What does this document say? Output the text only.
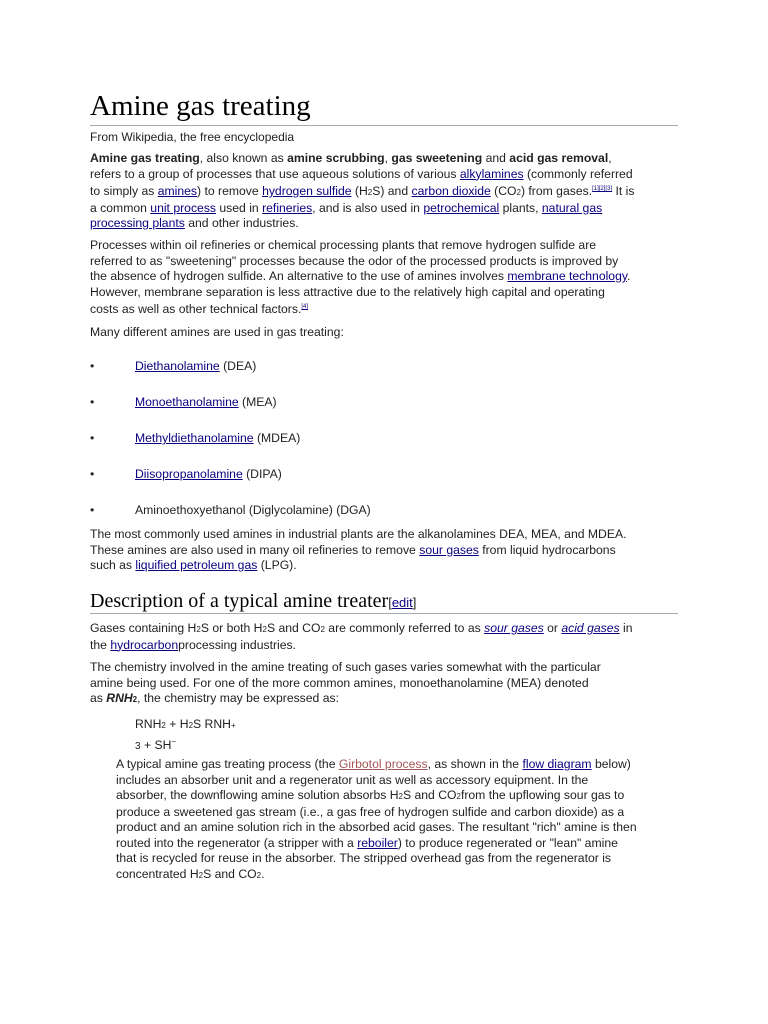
Amine gas treating
From Wikipedia, the free encyclopedia

Amine gas treating, also known as amine scrubbing, gas sweetening and acid gas removal,
refers to a group of processes that use aqueous solutions of various alkylamines (commonly referred
to simply as amines) to remove hydrogen sulfide (H2S) and carbon dioxide (CO2) from gases.[1][2][3] It is
a common unit process used in refineries, and is also used in petrochemical plants, natural gas
processing plants and other industries.

Processes within oil refineries or chemical processing plants that remove hydrogen sulfide are
referred to as "sweetening" processes because the odor of the processed products is improved by
the absence of hydrogen sulfide. An alternative to the use of amines involves membrane technology.
However, membrane separation is less attractive due to the relatively high capital and operating
costs as well as other technical factors.[4]

Many different amines are used in gas treating:

•	Diethanolamine (DEA)
•	Monoethanolamine (MEA)
•	Methyldiethanolamine (MDEA)
•	Diisopropanolamine (DIPA)
•	Aminoethoxyethanol (Diglycolamine) (DGA)

The most commonly used amines in industrial plants are the alkanolamines DEA, MEA, and MDEA.
These amines are also used in many oil refineries to remove sour gases from liquid hydrocarbons
such as liquified petroleum gas (LPG).

Description of a typical amine treater[edit]

Gases containing H2S or both H2S and CO2 are commonly referred to as sour gases or acid gases in
the hydrocarbonprocessing industries.

The chemistry involved in the amine treating of such gases varies somewhat with the particular
amine being used. For one of the more common amines, monoethanolamine (MEA) denoted
as RNH2, the chemistry may be expressed as:

RNH2 + H2S RNH+
3 + SH−

A typical amine gas treating process (the Girbotol process, as shown in the flow diagram below)
includes an absorber unit and a regenerator unit as well as accessory equipment. In the
absorber, the downflowing amine solution absorbs H2S and CO2from the upflowing sour gas to
produce a sweetened gas stream (i.e., a gas free of hydrogen sulfide and carbon dioxide) as a
product and an amine solution rich in the absorbed acid gases. The resultant "rich" amine is then
routed into the regenerator (a stripper with a reboiler) to produce regenerated or "lean" amine
that is recycled for reuse in the absorber. The stripped overhead gas from the regenerator is
concentrated H2S and CO2.
